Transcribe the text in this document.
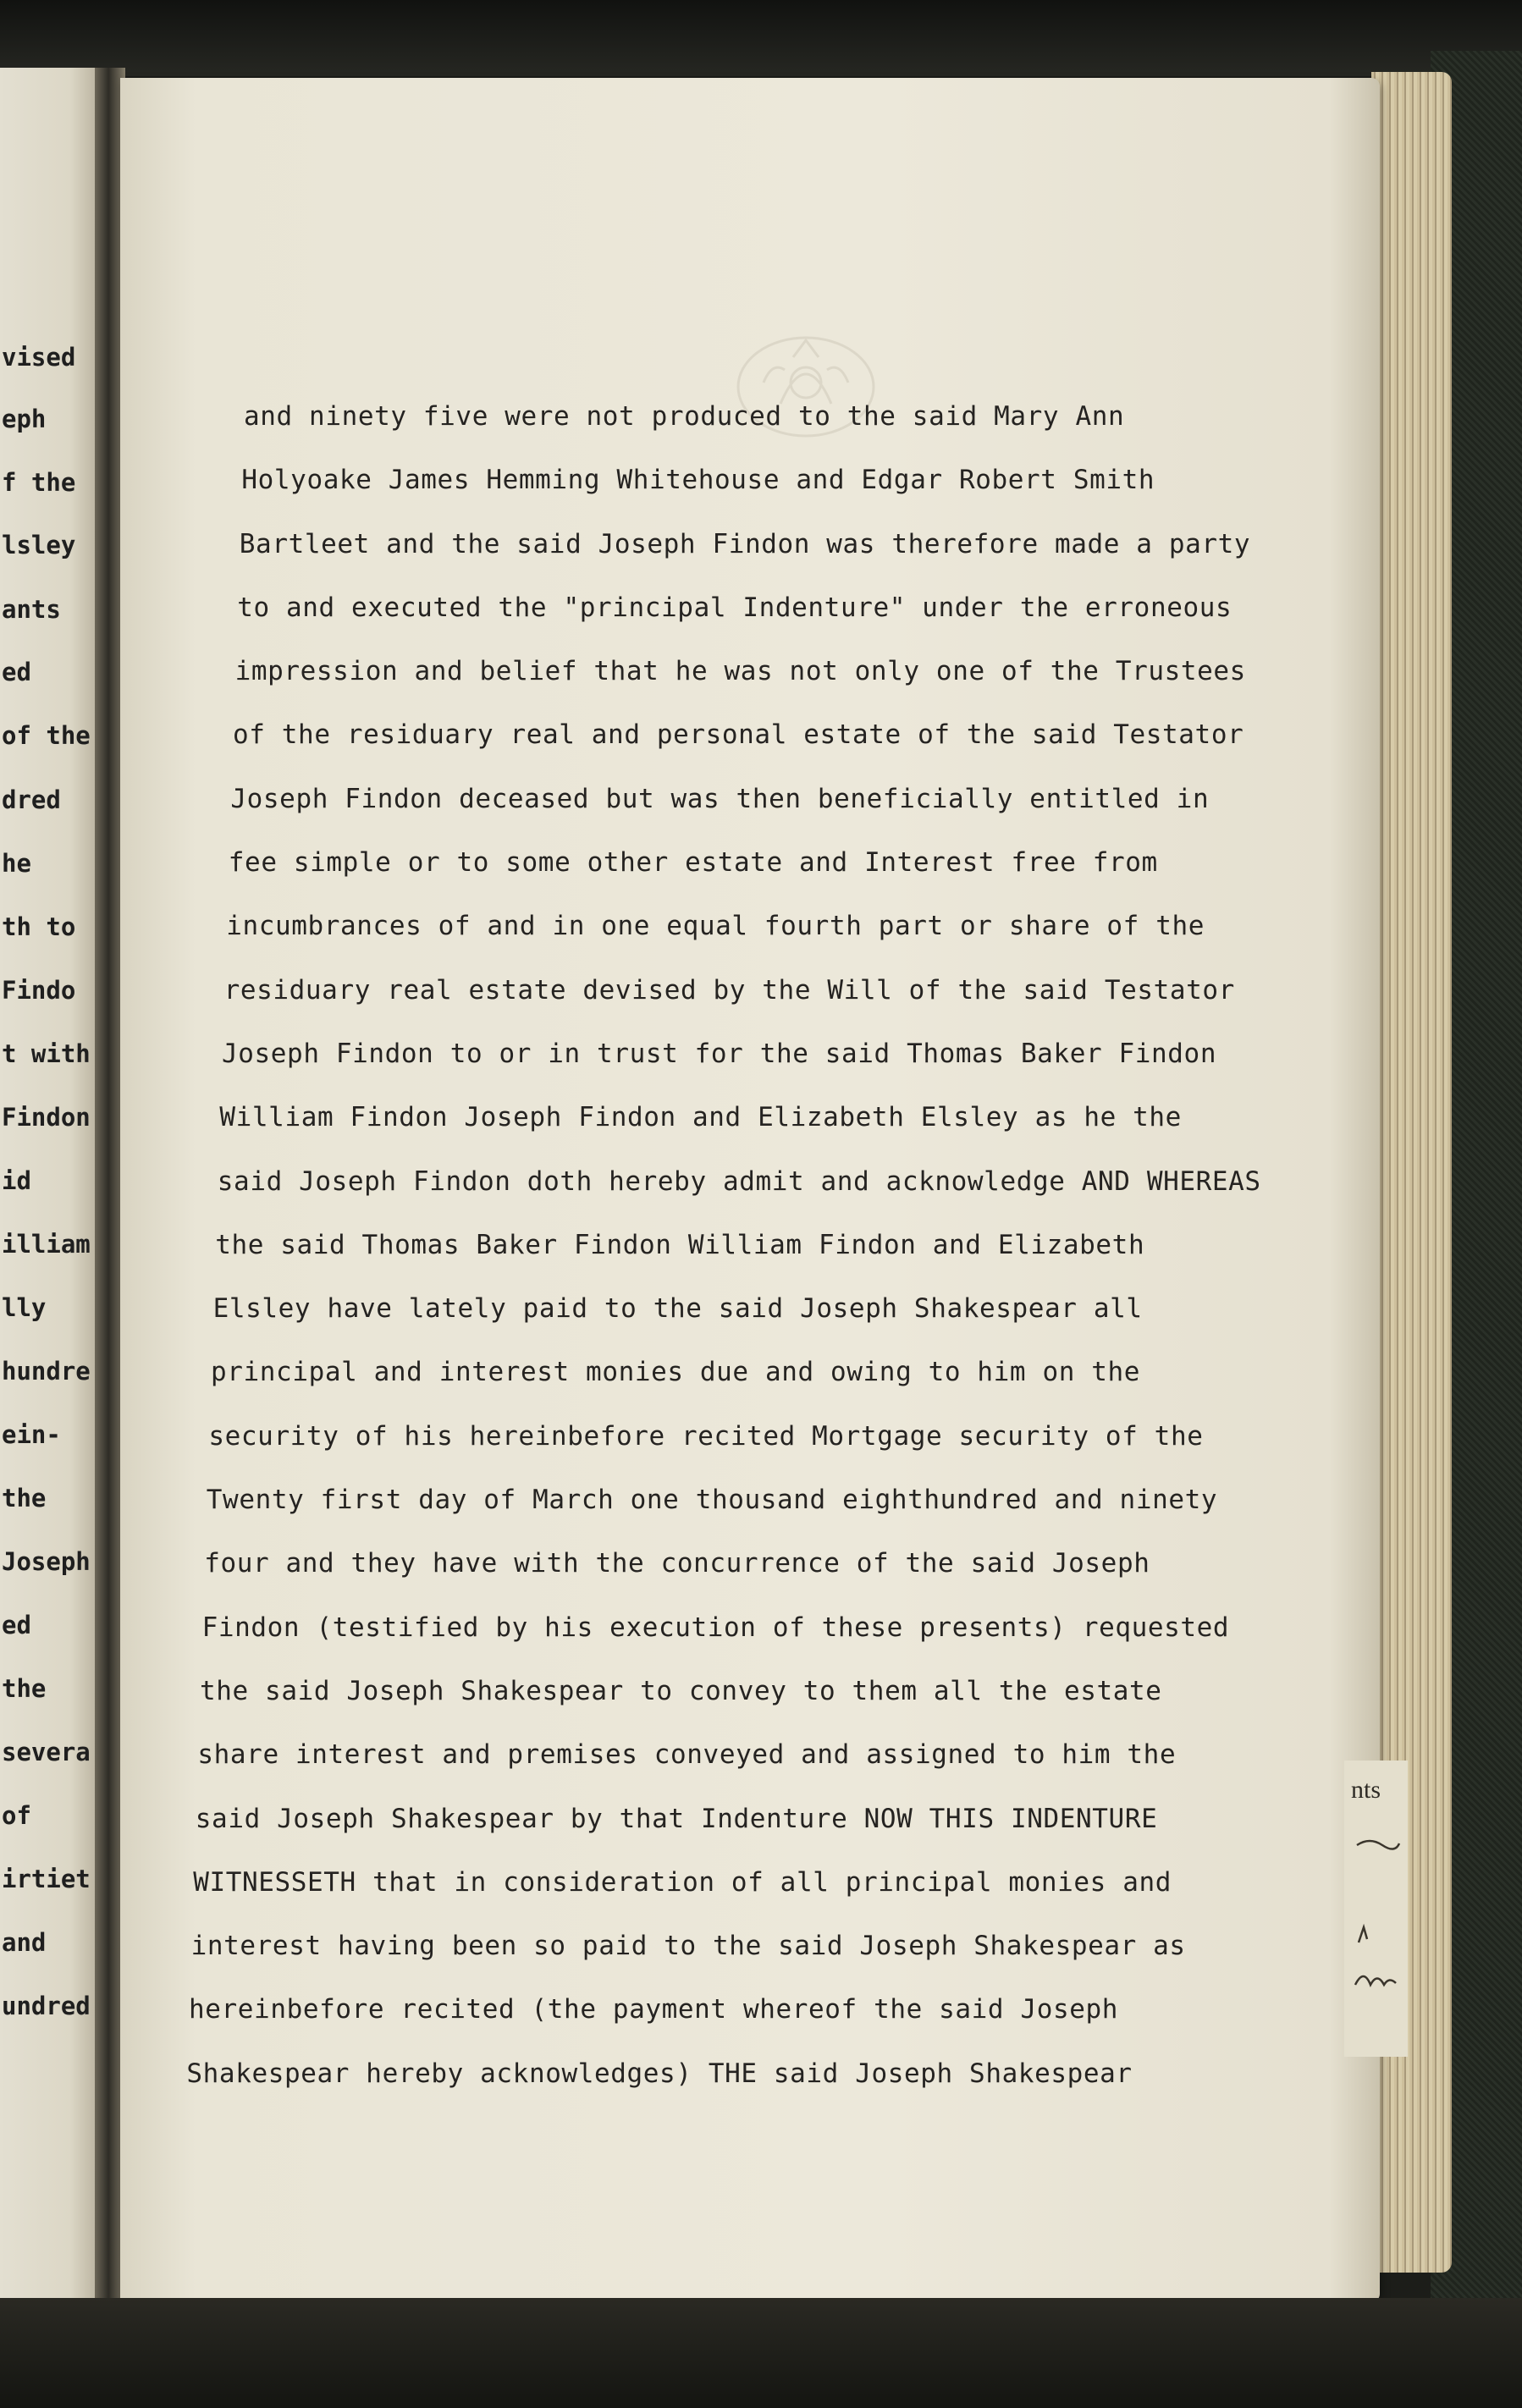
vised
eph
f the
lsley
ants
ed
of the
dred
he
th to
Findo
t with
Findon
id
illiam
lly
hundre
ein-
the
Joseph
ed
the
severa
of
irtiet
and
undred
nts
and ninety five were not produced to the said Mary Ann
Holyoake James Hemming Whitehouse and Edgar Robert Smith
Bartleet and the said Joseph Findon was therefore made a party
to and executed the "principal Indenture" under the erroneous
impression and belief that he was not only one of the Trustees
of the residuary real and personal estate of the said Testator
Joseph Findon deceased but was then beneficially entitled in
fee simple or to some other estate and Interest free from
incumbrances of and in one equal fourth part or share of the
residuary real estate devised by the Will of the said Testator
Joseph Findon to or in trust for the said Thomas Baker Findon
William Findon Joseph Findon and Elizabeth Elsley as he the
said Joseph Findon doth hereby admit and acknowledge AND WHEREAS
the said Thomas Baker Findon William Findon and Elizabeth
Elsley have lately paid to the said Joseph Shakespear all
principal and interest monies due and owing to him on the
security of his hereinbefore recited Mortgage security of the
Twenty first day of March one thousand eighthundred and ninety
four and they have with the concurrence of the said Joseph
Findon (testified by his execution of these presents) requested
the said Joseph Shakespear to convey to them all the estate
share interest and premises conveyed and assigned to him the
said Joseph Shakespear by that Indenture NOW THIS INDENTURE
WITNESSETH that in consideration of all principal monies and
interest having been so paid to the said Joseph Shakespear as
hereinbefore recited (the payment whereof the said Joseph
Shakespear hereby acknowledges) THE said Joseph Shakespear
